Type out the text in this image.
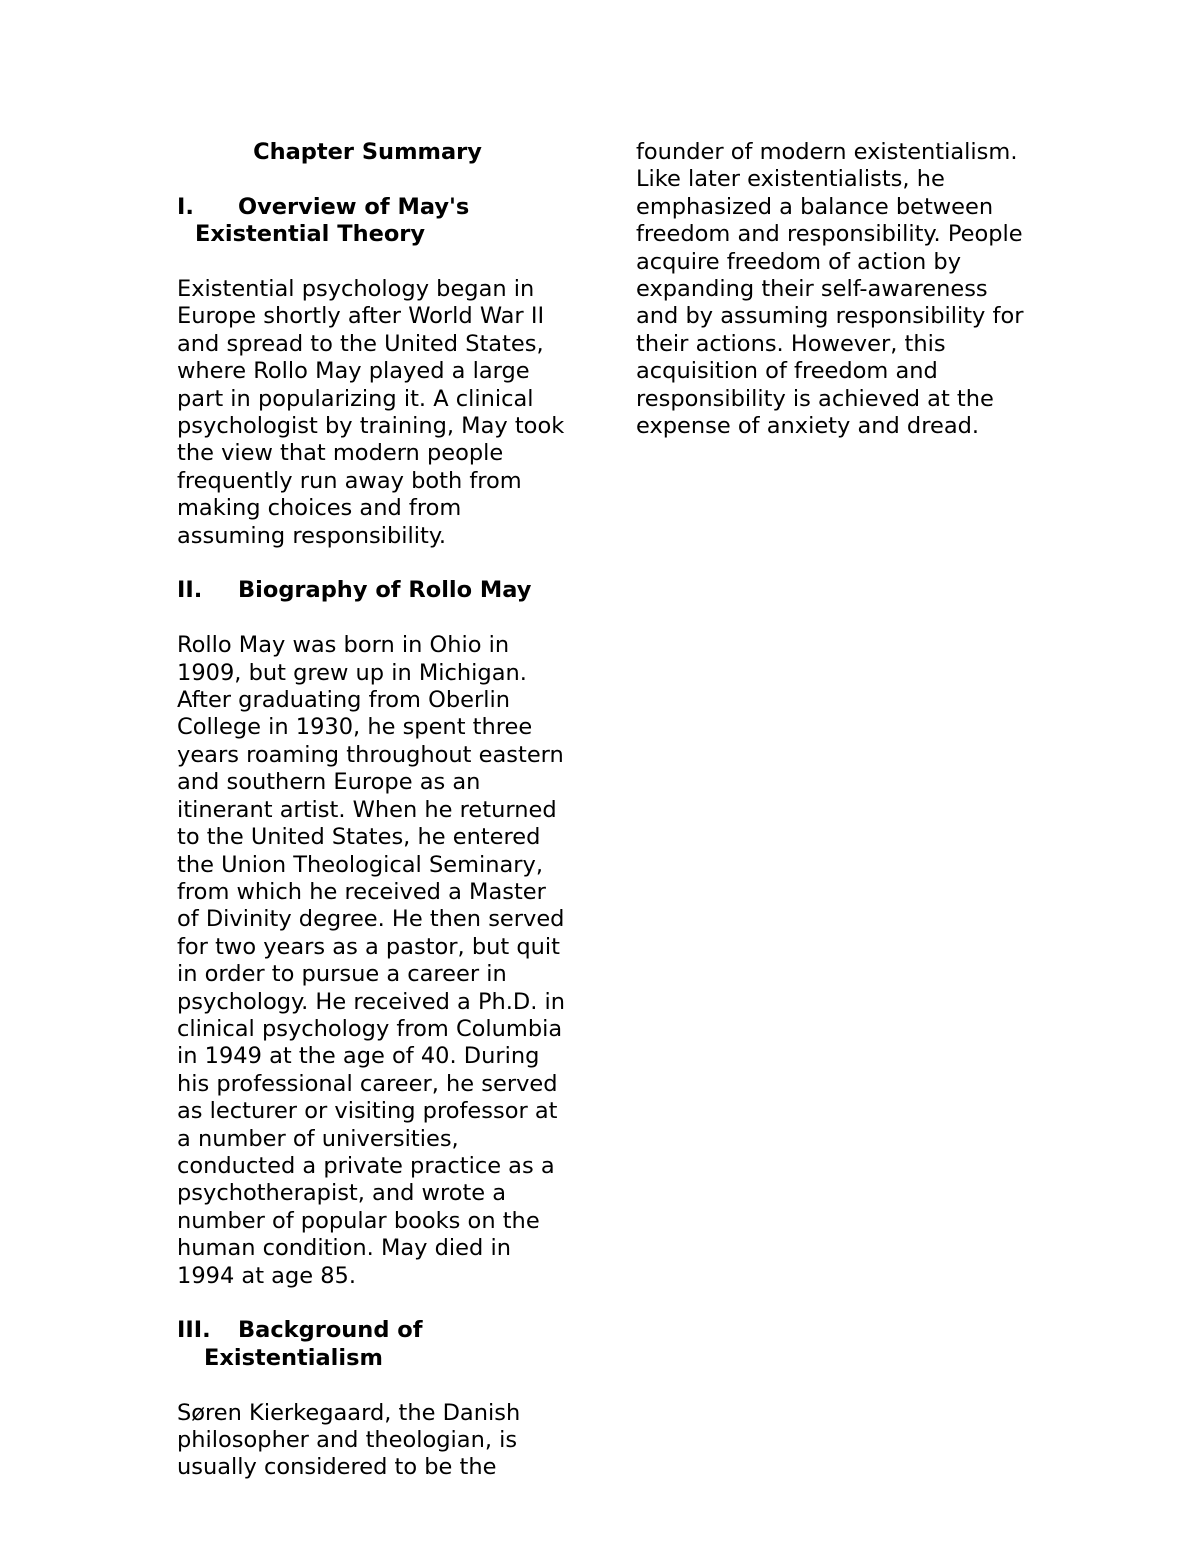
Chapter Summary
I. Overview of May's
Existential Theory

Existential psychology began in Europe shortly after World War II and spread to the United States, where Rollo May played a large part in popularizing it. A clinical psychologist by training, May took the view that modern people frequently run away both from making choices and from assuming responsibility.

II. Biography of Rollo May

Rollo May was born in Ohio in 1909, but grew up in Michigan. After graduating from Oberlin College in 1930, he spent three years roaming throughout eastern and southern Europe as an itinerant artist. When he returned to the United States, he entered the Union Theological Seminary, from which he received a Master of Divinity degree. He then served for two years as a pastor, but quit in order to pursue a career in psychology. He received a Ph.D. in clinical psychology from Columbia in 1949 at the age of 40. During his professional career, he served as lecturer or visiting professor at a number of universities, conducted a private practice as a psychotherapist, and wrote a number of popular books on the human condition. May died in 1994 at age 85.

III. Background of
Existentialism

Søren Kierkegaard, the Danish philosopher and theologian, is usually considered to be the

founder of modern existentialism. Like later existentialists, he emphasized a balance between freedom and responsibility. People acquire freedom of action by expanding their self-awareness and by assuming responsibility for their actions. However, this acquisition of freedom and responsibility is achieved at the expense of anxiety and dread.
